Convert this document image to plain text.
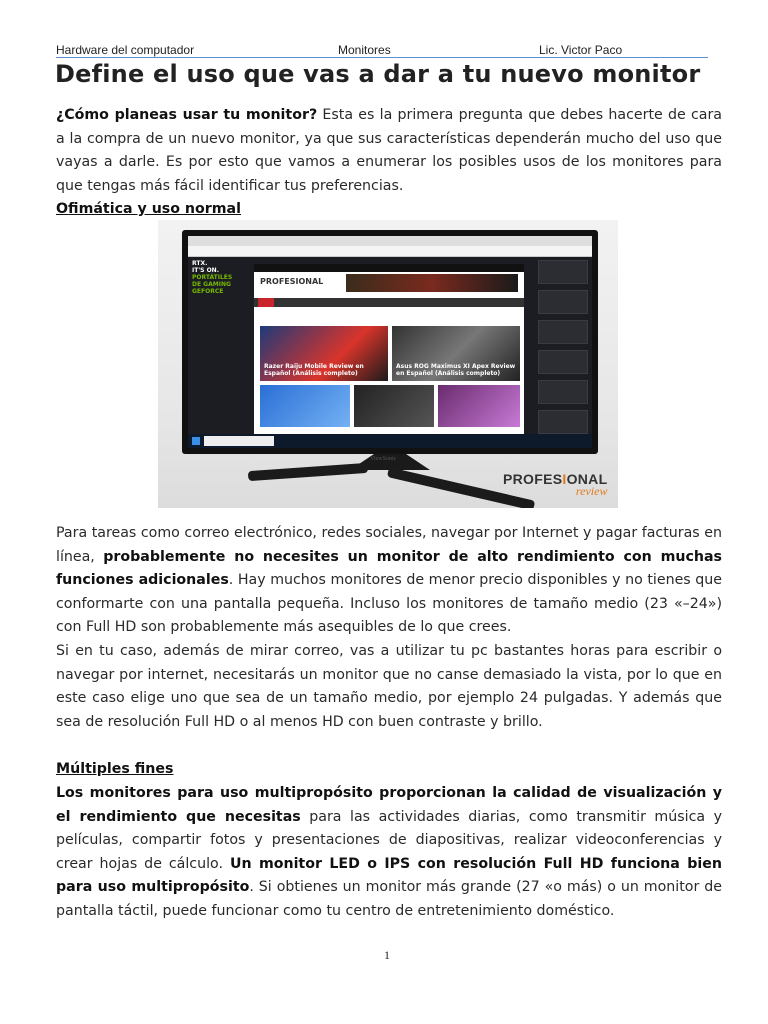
Hardware del computador	Monitores	Lic. Victor Paco
Define el uso que vas a dar a tu nuevo monitor

¿Cómo planeas usar tu monitor? Esta es la primera pregunta que debes hacerte de cara a la compra de un nuevo monitor, ya que sus características dependerán mucho del uso que vayas a darle. Es por esto que vamos a enumerar los posibles usos de los monitores para que tengas más fácil identificar tus preferencias.

Ofimática y uso normal

RTX.
IT'S ON.
PORTÁTILES
DE GAMING
GEFORCE
PROFESIONAL
Razer Raiju Mobile Review en Español (Análisis completo)
Asus ROG Maximus XI Apex Review en Español (Análisis completo)
ViewSonic
PROFESIONAL
review

Para tareas como correo electrónico, redes sociales, navegar por Internet y pagar facturas en línea, probablemente no necesites un monitor de alto rendimiento con muchas funciones adicionales. Hay muchos monitores de menor precio disponibles y no tienes que conformarte con una pantalla pequeña. Incluso los monitores de tamaño medio (23 «–24») con Full HD son probablemente más asequibles de lo que crees.

Si en tu caso, además de mirar correo, vas a utilizar tu pc bastantes horas para escribir o navegar por internet, necesitarás un monitor que no canse demasiado la vista, por lo que en este caso elige uno que sea de un tamaño medio, por ejemplo 24 pulgadas. Y además que sea de resolución Full HD o al menos HD con buen contraste y brillo.

Múltiples fines

Los monitores para uso multipropósito proporcionan la calidad de visualización y el rendimiento que necesitas para las actividades diarias, como transmitir música y películas, compartir fotos y presentaciones de diapositivas, realizar videoconferencias y crear hojas de cálculo. Un monitor LED o IPS con resolución Full HD funciona bien para uso multipropósito. Si obtienes un monitor más grande (27 «o más) o un monitor de pantalla táctil, puede funcionar como tu centro de entretenimiento doméstico.

1
